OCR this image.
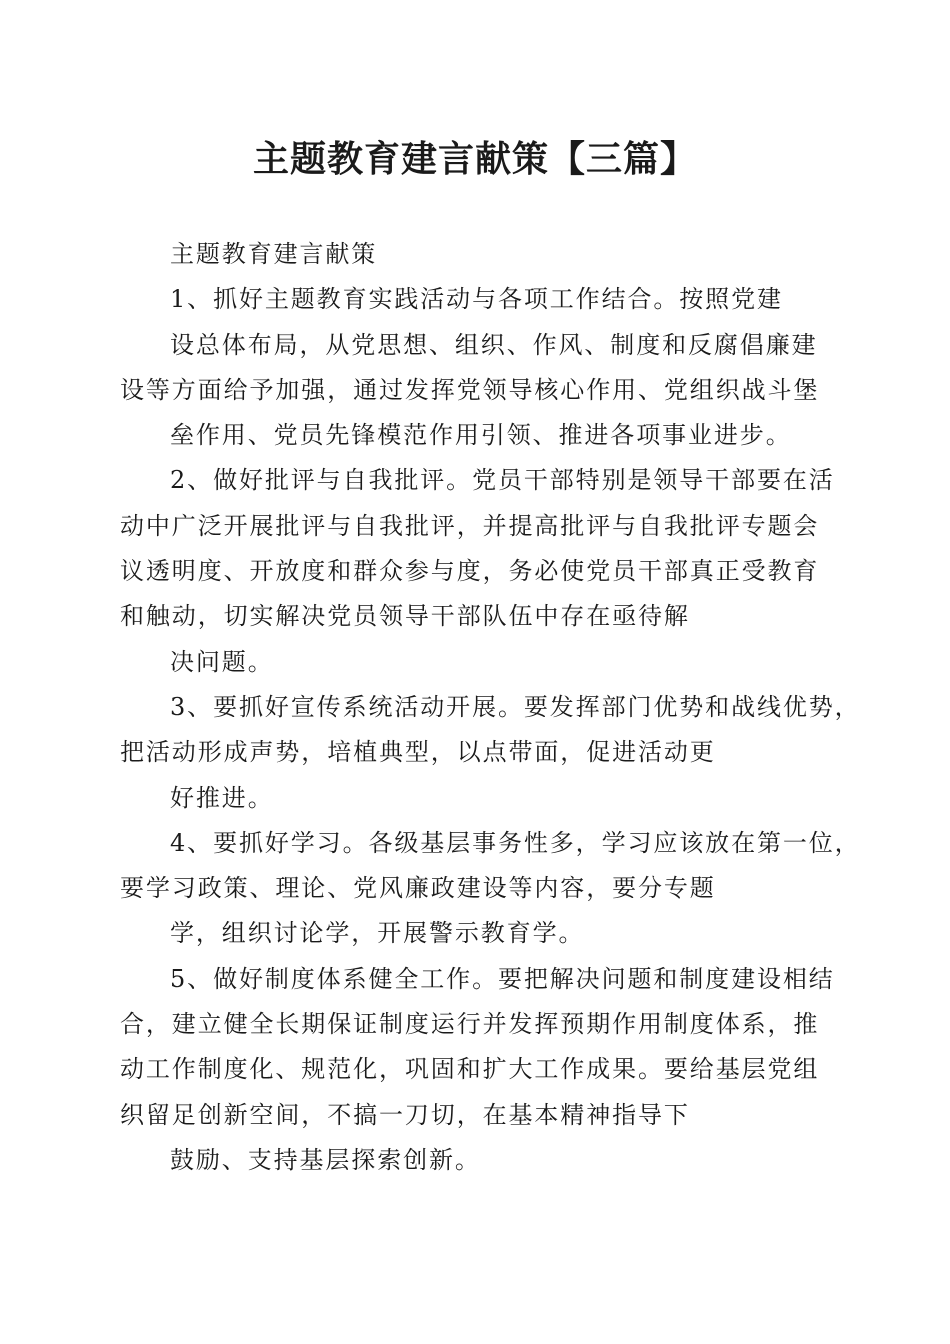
主题教育建言献策【三篇】
主题教育建言献策
1、抓好主题教育实践活动与各项工作结合。按照党建
设总体布局，从党思想、组织、作风、制度和反腐倡廉建
设等方面给予加强，通过发挥党领导核心作用、党组织战斗堡
垒作用、党员先锋模范作用引领、推进各项事业进步。
2、做好批评与自我批评。党员干部特别是领导干部要在活
动中广泛开展批评与自我批评，并提高批评与自我批评专题会
议透明度、开放度和群众参与度，务必使党员干部真正受教育
和触动，切实解决党员领导干部队伍中存在亟待解
决问题。
3、要抓好宣传系统活动开展。要发挥部门优势和战线优势，
把活动形成声势，培植典型，以点带面，促进活动更
好推进。
4、要抓好学习。各级基层事务性多，学习应该放在第一位，
要学习政策、理论、党风廉政建设等内容，要分专题
学，组织讨论学，开展警示教育学。
5、做好制度体系健全工作。要把解决问题和制度建设相结
合，建立健全长期保证制度运行并发挥预期作用制度体系，推
动工作制度化、规范化，巩固和扩大工作成果。要给基层党组
织留足创新空间，不搞一刀切，在基本精神指导下
鼓励、支持基层探索创新。
